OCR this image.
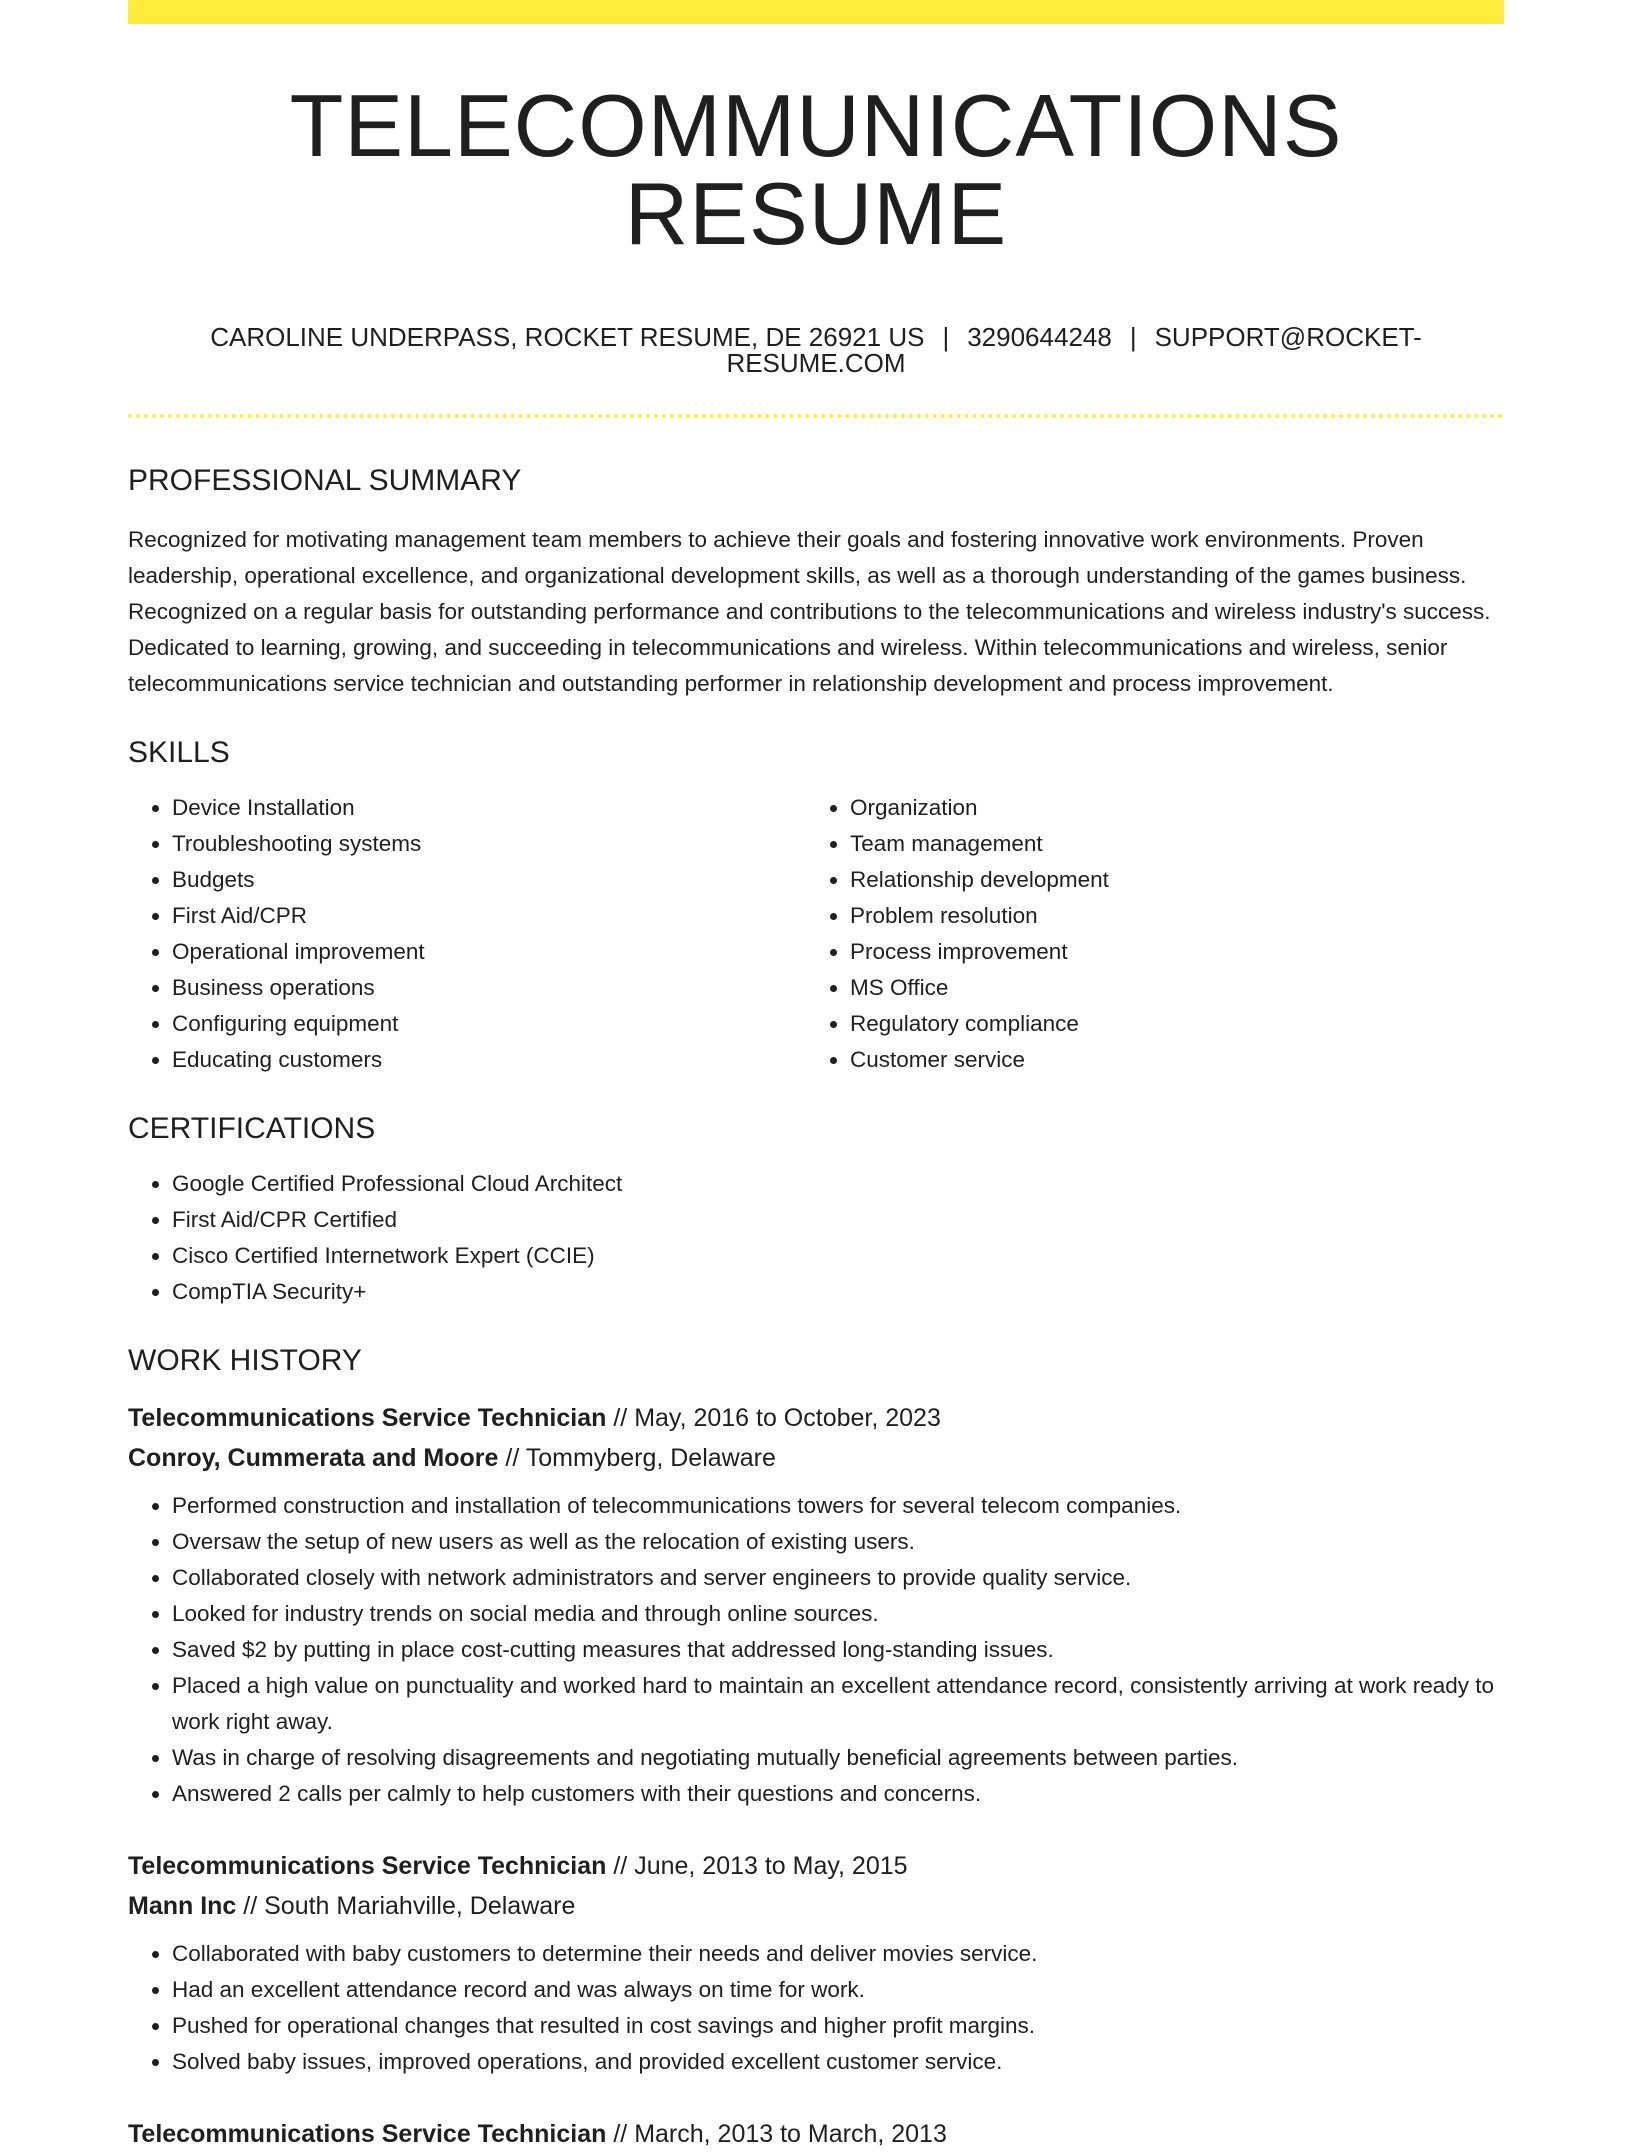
TELECOMMUNICATIONS RESUME
CAROLINE UNDERPASS, ROCKET RESUME, DE 26921 US | 3290644248 | SUPPORT@ROCKET-RESUME.COM
PROFESSIONAL SUMMARY

Recognized for motivating management team members to achieve their goals and fostering innovative work environments. Proven leadership, operational excellence, and organizational development skills, as well as a thorough understanding of the games business. Recognized on a regular basis for outstanding performance and contributions to the telecommunications and wireless industry's success. Dedicated to learning, growing, and succeeding in telecommunications and wireless. Within telecommunications and wireless, senior telecommunications service technician and outstanding performer in relationship development and process improvement.

SKILLS
• Device Installation
• Troubleshooting systems
• Budgets
• First Aid/CPR
• Operational improvement
• Business operations
• Configuring equipment
• Educating customers
• Organization
• Team management
• Relationship development
• Problem resolution
• Process improvement
• MS Office
• Regulatory compliance
• Customer service
CERTIFICATIONS
• Google Certified Professional Cloud Architect
• First Aid/CPR Certified
• Cisco Certified Internetwork Expert (CCIE)
• CompTIA Security+
WORK HISTORY
Telecommunications Service Technician // May, 2016 to October, 2023
Conroy, Cummerata and Moore // Tommyberg, Delaware
• Performed construction and installation of telecommunications towers for several telecom companies.
• Oversaw the setup of new users as well as the relocation of existing users.
• Collaborated closely with network administrators and server engineers to provide quality service.
• Looked for industry trends on social media and through online sources.
• Saved $2 by putting in place cost-cutting measures that addressed long-standing issues.
• Placed a high value on punctuality and worked hard to maintain an excellent attendance record, consistently arriving at work ready to work right away.
• Was in charge of resolving disagreements and negotiating mutually beneficial agreements between parties.
• Answered 2 calls per calmly to help customers with their questions and concerns.
Telecommunications Service Technician // June, 2013 to May, 2015
Mann Inc // South Mariahville, Delaware
• Collaborated with baby customers to determine their needs and deliver movies service.
• Had an excellent attendance record and was always on time for work.
• Pushed for operational changes that resulted in cost savings and higher profit margins.
• Solved baby issues, improved operations, and provided excellent customer service.
Telecommunications Service Technician // March, 2013 to March, 2013
